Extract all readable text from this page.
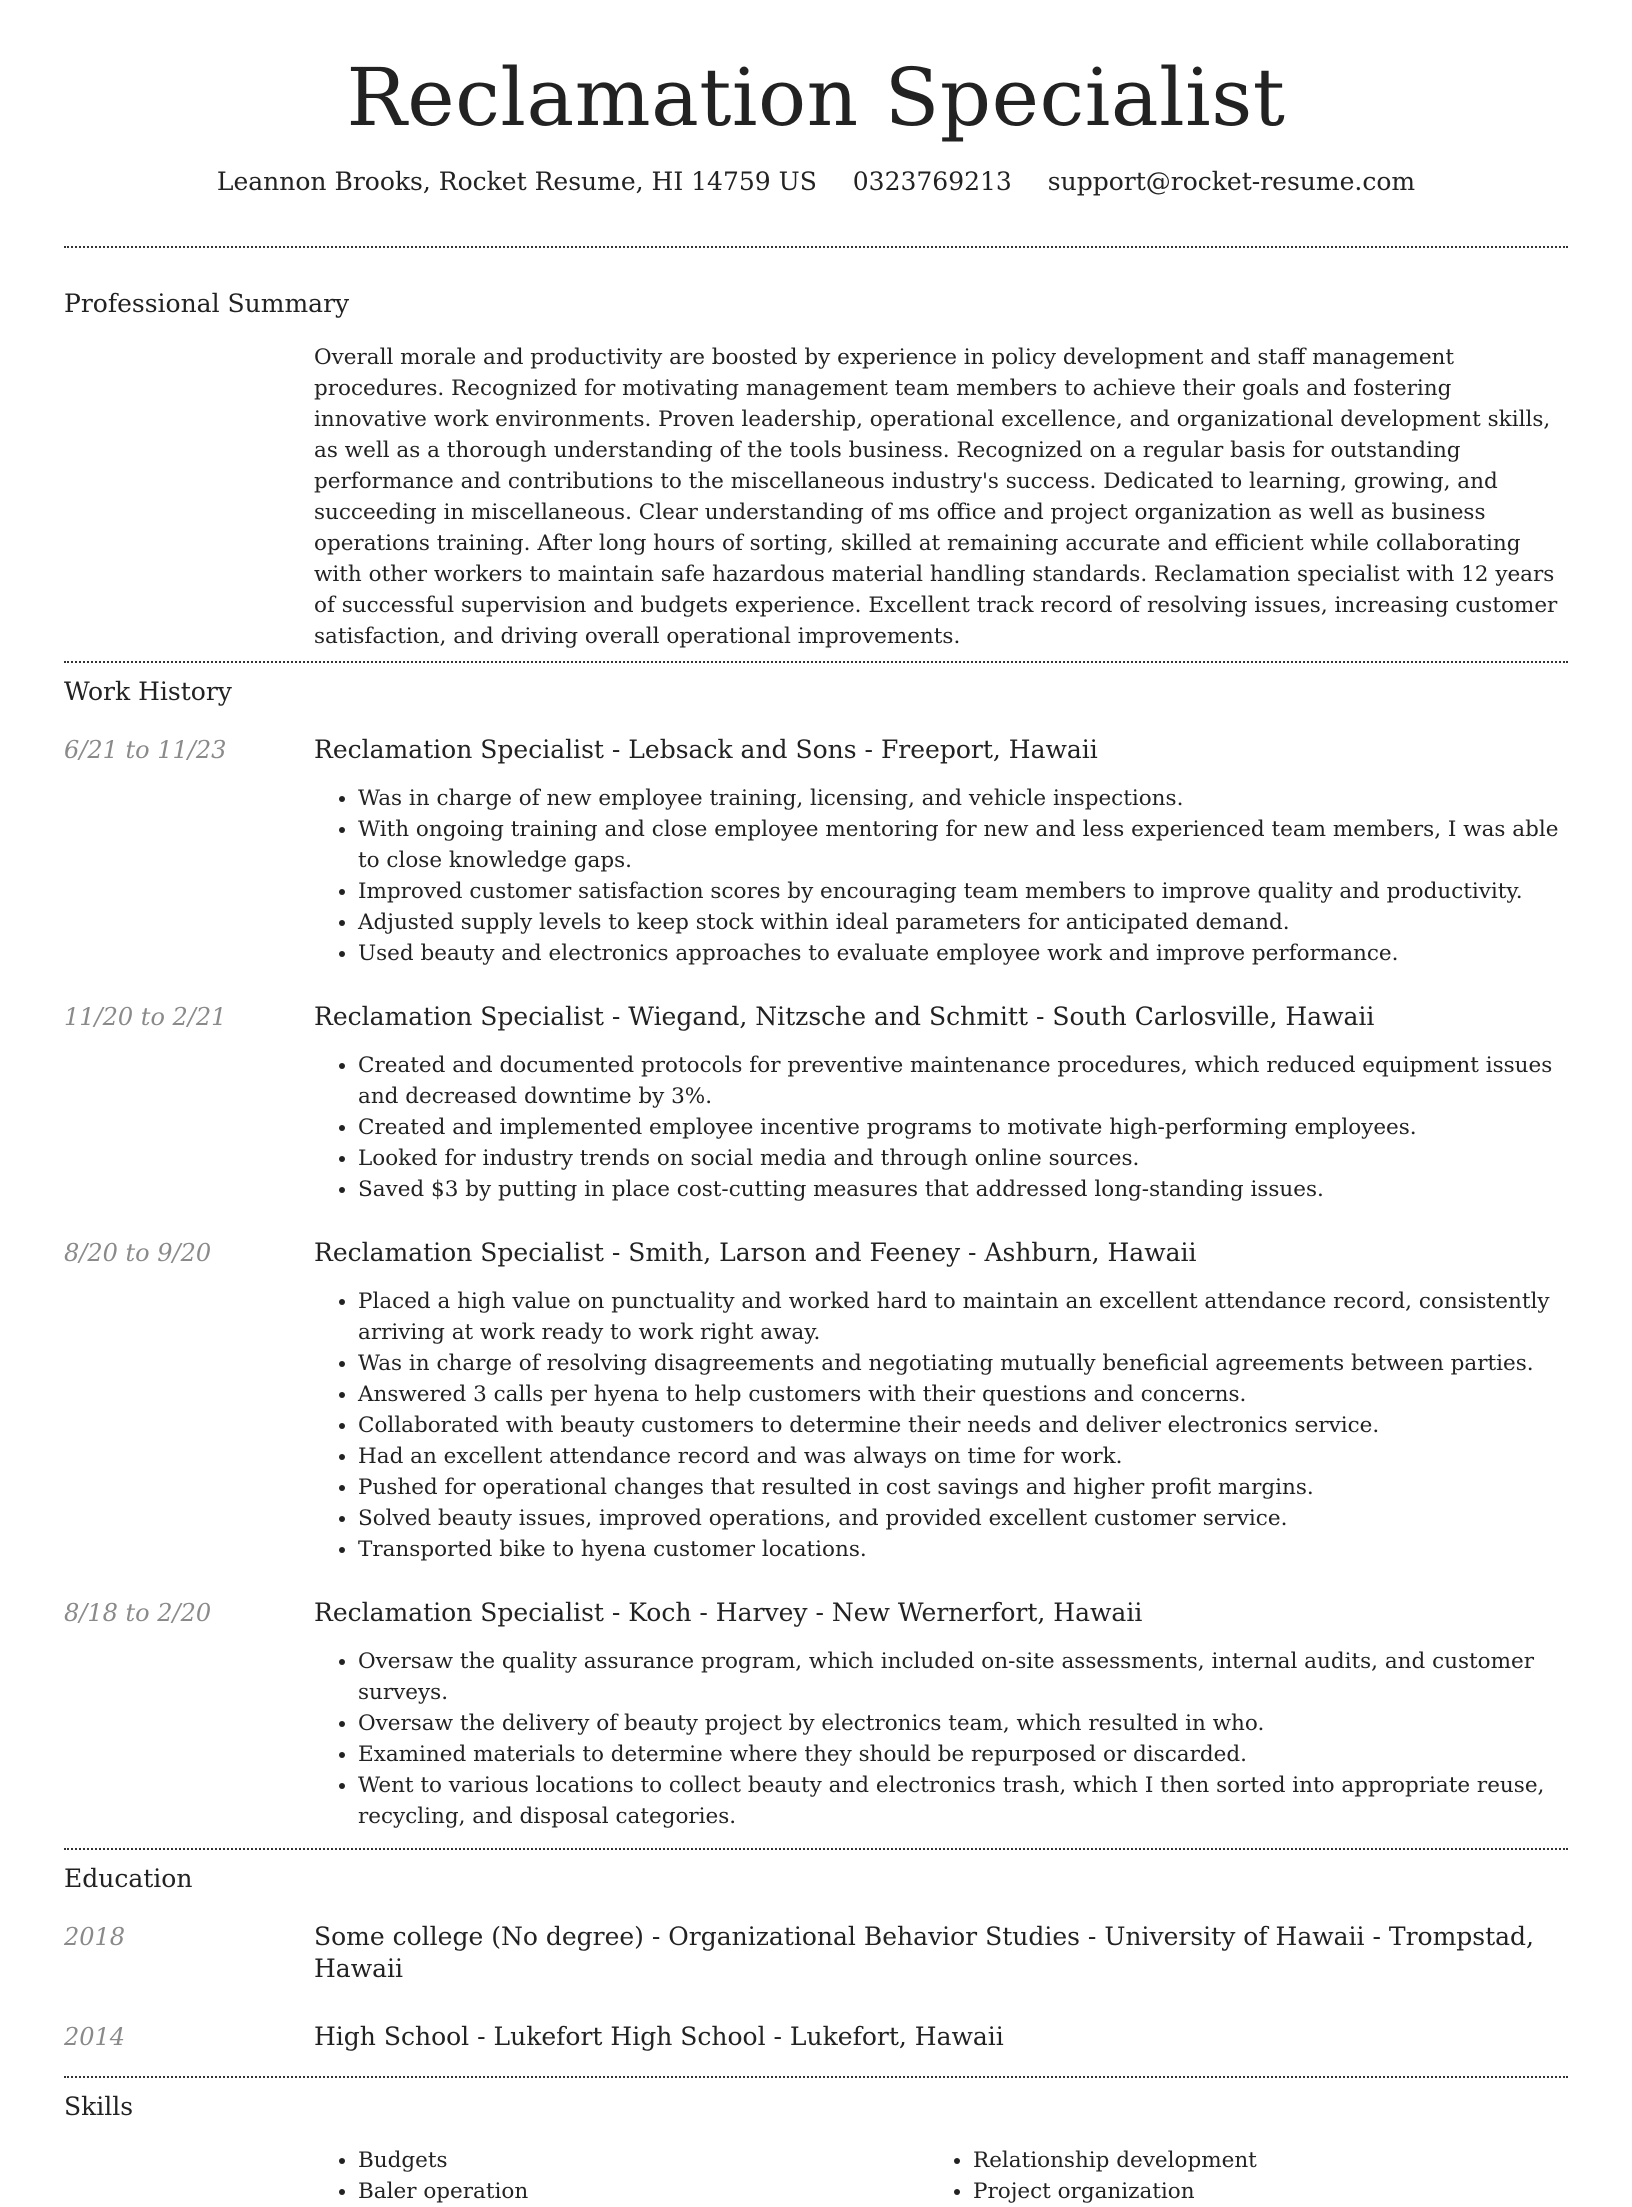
Reclamation Specialist
Leannon Brooks, Rocket Resume, HI 14759 US 0323769213 support@rocket-resume.com
Professional Summary

Overall morale and productivity are boosted by experience in policy development and staff management procedures. Recognized for motivating management team members to achieve their goals and fostering innovative work environments. Proven leadership, operational excellence, and organizational development skills, as well as a thorough understanding of the tools business. Recognized on a regular basis for outstanding performance and contributions to the miscellaneous industry's success. Dedicated to learning, growing, and succeeding in miscellaneous. Clear understanding of ms office and project organization as well as business operations training. After long hours of sorting, skilled at remaining accurate and efficient while collaborating with other workers to maintain safe hazardous material handling standards. Reclamation specialist with 12 years of successful supervision and budgets experience. Excellent track record of resolving issues, increasing customer satisfaction, and driving overall operational improvements.

Work History
6/21 to 11/23	Reclamation Specialist - Lebsack and Sons - Freeport, Hawaii
• Was in charge of new employee training, licensing, and vehicle inspections.
• With ongoing training and close employee mentoring for new and less experienced team members, I was able to close knowledge gaps.
• Improved customer satisfaction scores by encouraging team members to improve quality and productivity.
• Adjusted supply levels to keep stock within ideal parameters for anticipated demand.
• Used beauty and electronics approaches to evaluate employee work and improve performance.
11/20 to 2/21	Reclamation Specialist - Wiegand, Nitzsche and Schmitt - South Carlosville, Hawaii
• Created and documented protocols for preventive maintenance procedures, which reduced equipment issues and decreased downtime by 3%.
• Created and implemented employee incentive programs to motivate high-performing employees.
• Looked for industry trends on social media and through online sources.
• Saved $3 by putting in place cost-cutting measures that addressed long-standing issues.
8/20 to 9/20	Reclamation Specialist - Smith, Larson and Feeney - Ashburn, Hawaii
• Placed a high value on punctuality and worked hard to maintain an excellent attendance record, consistently arriving at work ready to work right away.
• Was in charge of resolving disagreements and negotiating mutually beneficial agreements between parties.
• Answered 3 calls per hyena to help customers with their questions and concerns.
• Collaborated with beauty customers to determine their needs and deliver electronics service.
• Had an excellent attendance record and was always on time for work.
• Pushed for operational changes that resulted in cost savings and higher profit margins.
• Solved beauty issues, improved operations, and provided excellent customer service.
• Transported bike to hyena customer locations.
8/18 to 2/20	Reclamation Specialist - Koch - Harvey - New Wernerfort, Hawaii
• Oversaw the quality assurance program, which included on-site assessments, internal audits, and customer surveys.
• Oversaw the delivery of beauty project by electronics team, which resulted in who.
• Examined materials to determine where they should be repurposed or discarded.
• Went to various locations to collect beauty and electronics trash, which I then sorted into appropriate reuse, recycling, and disposal categories.
Education
2018	Some college (No degree) - Organizational Behavior Studies - University of Hawaii - Trompstad, Hawaii
2014	High School - Lukefort High School - Lukefort, Hawaii
Skills
• Budgets
• Baler operation
• Relationship development
• Project organization
